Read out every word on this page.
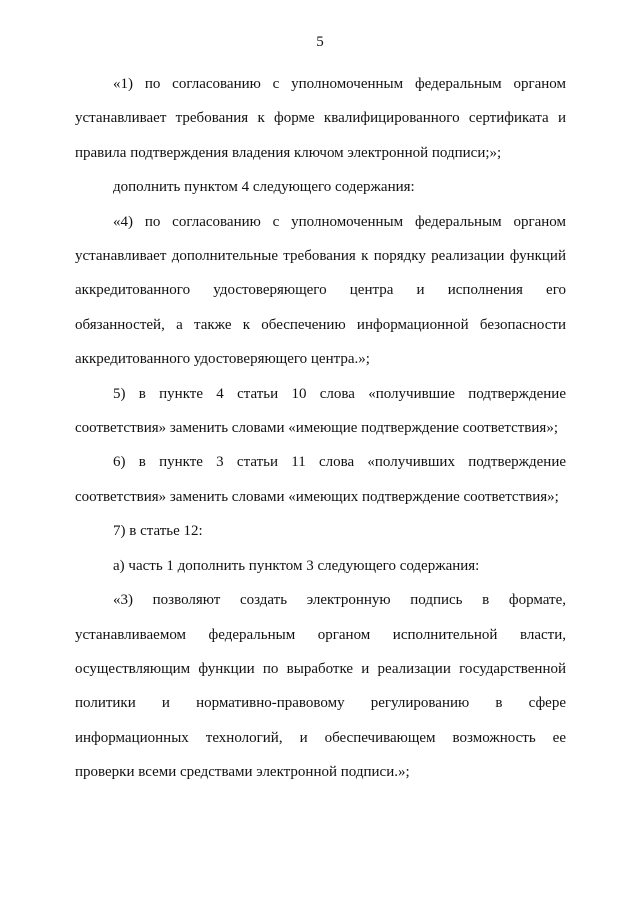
5
«1) по согласованию с уполномоченным федеральным органом
устанавливает требования к форме квалифицированного сертификата и
правила подтверждения владения ключом электронной подписи;»;
дополнить пунктом 4 следующего содержания:
«4) по согласованию с уполномоченным федеральным органом
устанавливает дополнительные требования к порядку реализации функций
аккредитованного удостоверяющего центра и исполнения его
обязанностей, а также к обеспечению информационной безопасности
аккредитованного удостоверяющего центра.»;
5) в пункте 4 статьи 10 слова «получившие подтверждение
соответствия» заменить словами «имеющие подтверждение соответствия»;
6) в пункте 3 статьи 11 слова «получивших подтверждение
соответствия» заменить словами «имеющих подтверждение соответствия»;
7) в статье 12:
а) часть 1 дополнить пунктом 3 следующего содержания:
«3) позволяют создать электронную подпись в формате,
устанавливаемом федеральным органом исполнительной власти,
осуществляющим функции по выработке и реализации государственной
политики и нормативно-правовому регулированию в сфере
информационных технологий, и обеспечивающем возможность ее
проверки всеми средствами электронной подписи.»;
